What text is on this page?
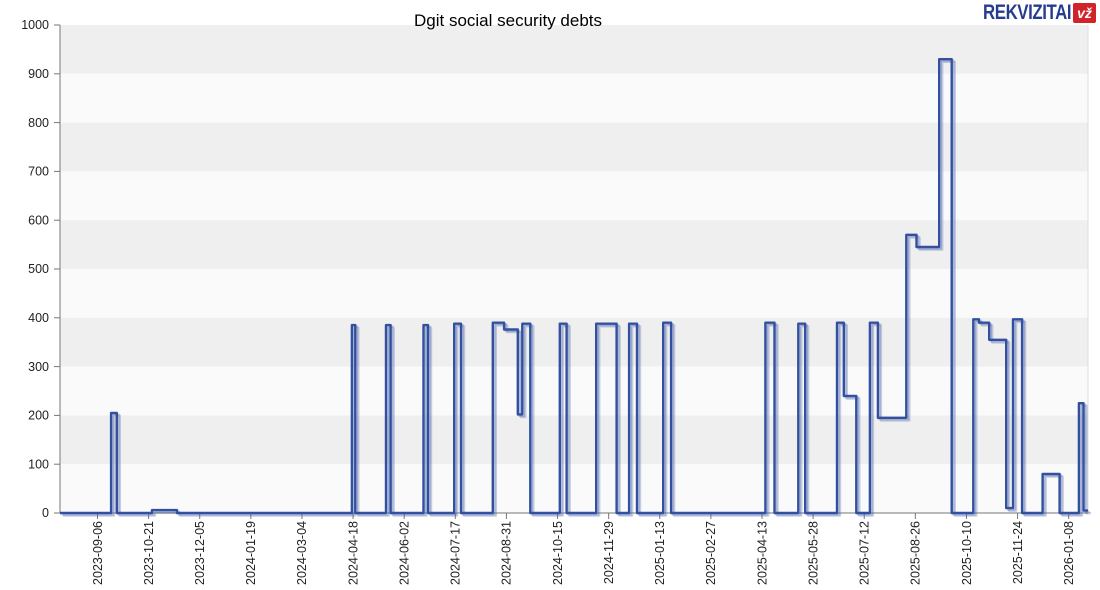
0
100
200
300
400
500
600
700
800
900
1000
2023-09-06	2023-10-21	2023-12-05	2024-01-19	2024-03-04	2024-04-18	2024-06-02	2024-07-17	2024-08-31	2024-10-15	2024-11-29	2025-01-13	2025-02-27	2025-04-13	2025-05-28	2025-07-12	2025-08-26	2025-10-10	2025-11-24	2026-01-08
Dgit social security debts	REKVIZITAI vž
